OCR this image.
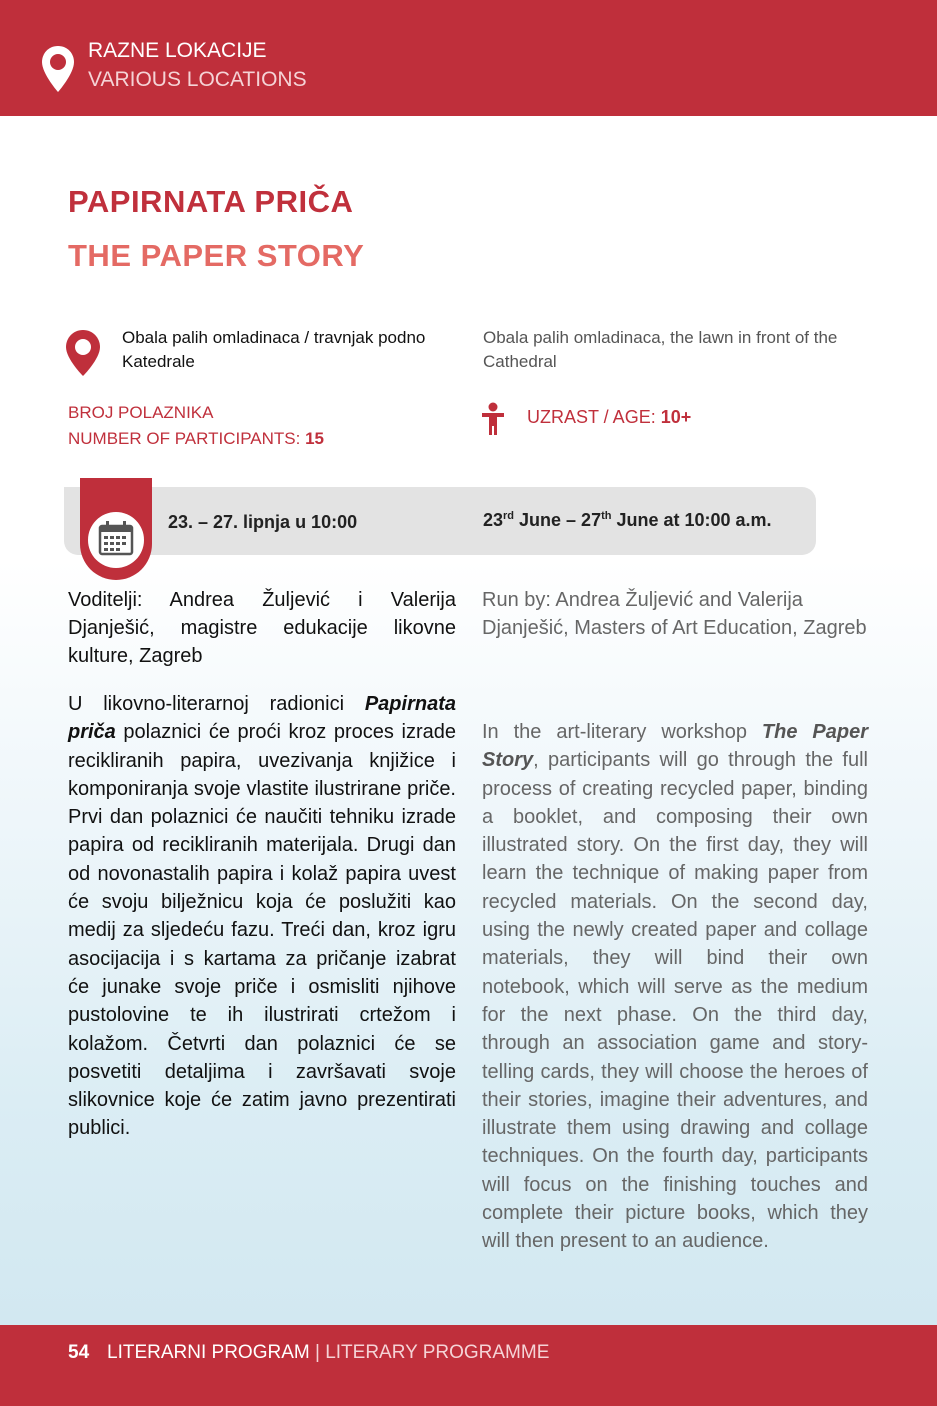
RAZNE LOKACIJE
VARIOUS LOCATIONS
PAPIRNATA PRIČA
THE PAPER STORY
Obala palih omladinaca / travnjak podno Katedrale
Obala palih omladinaca, the lawn in front of the Cathedral
BROJ POLAZNIKA
NUMBER OF PARTICIPANTS: 15
UZRAST / AGE: 10+
23. – 27. lipnja u 10:00	23rd June – 27th June at 10:00 a.m.
Voditelji: Andrea Žuljević i Valerija Djanješić, magistre edukacije likovne kulture, Zagreb
Run by: Andrea Žuljević and Valerija Djanješić, Masters of Art Education, Zagreb
U likovno-literarnoj radionici Papirnata priča polaznici će proći kroz proces izrade recikliranih papira, uvezivanja knjižice i komponiranja svoje vlastite ilustrirane priče. Prvi dan polaznici će naučiti tehniku izrade papira od recikliranih materijala. Drugi dan od novonastalih papira i kolaž papira uvest će svoju bilježnicu koja će poslužiti kao medij za sljedeću fazu. Treći dan, kroz igru asocijacija i s kartama za pričanje izabrat će junake svoje priče i osmisliti njihove pustolovine te ih ilustrirati crtežom i kolažom. Četvrti dan polaznici će se posvetiti detaljima i završavati svoje slikovnice koje će zatim javno prezentirati publici.
In the art-literary workshop The Paper Story, participants will go through the full process of creating recycled paper, binding a booklet, and composing their own illustrated story. On the first day, they will learn the technique of making paper from recycled materials. On the second day, using the newly created paper and collage materials, they will bind their own notebook, which will serve as the medium for the next phase. On the third day, through an association game and story-telling cards, they will choose the heroes of their stories, imagine their adventures, and illustrate them using drawing and collage techniques. On the fourth day, participants will focus on the finishing touches and complete their picture books, which they will then present to an audience.
54 LITERARNI PROGRAM | LITERARY PROGRAMME
